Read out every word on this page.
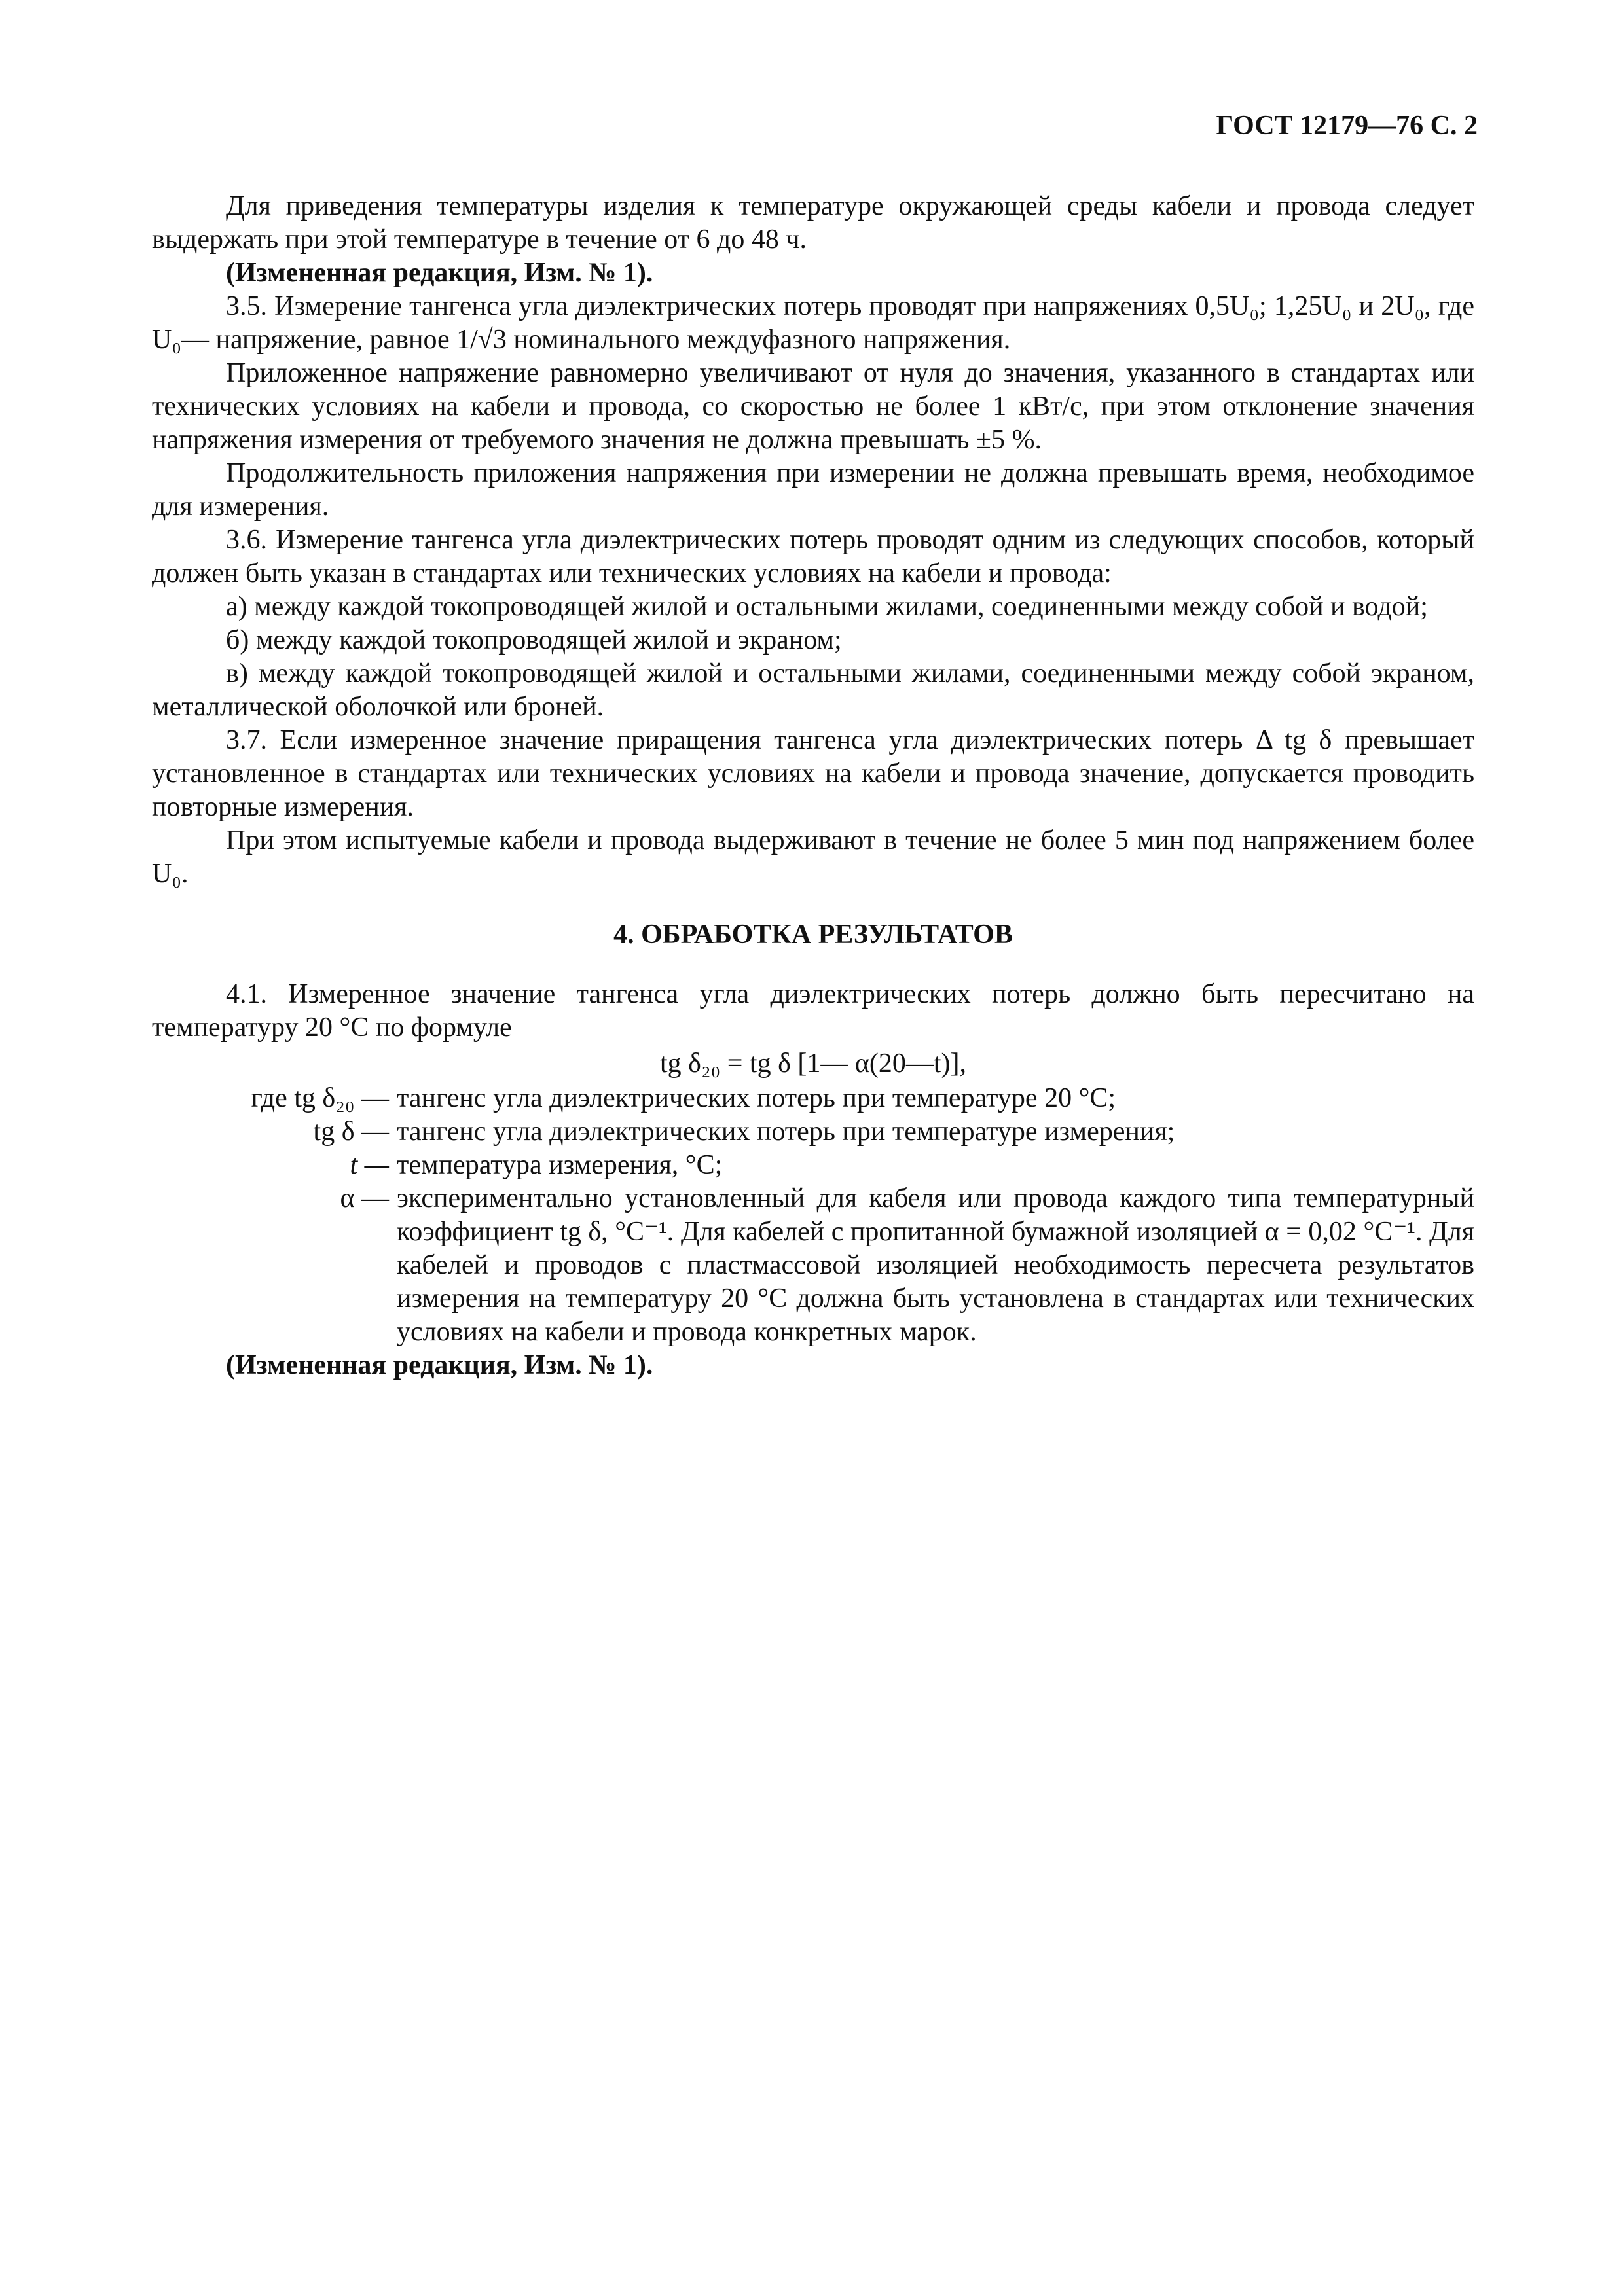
ГОСТ 12179—76 С. 2

Для приведения температуры изделия к температуре окружающей среды кабели и провода следует выдержать при этой температуре в течение от 6 до 48 ч.

(Измененная редакция, Изм. № 1).

3.5. Измерение тангенса угла диэлектрических потерь проводят при напряжениях 0,5U₀; 1,25U₀ и 2U₀, где U₀— напряжение, равное 1/√3 номинального междуфазного напряжения.

Приложенное напряжение равномерно увеличивают от нуля до значения, указанного в стандартах или технических условиях на кабели и провода, со скоростью не более 1 кВт/с, при этом отклонение значения напряжения измерения от требуемого значения не должна превышать ±5 %.

Продолжительность приложения напряжения при измерении не должна превышать время, необходимое для измерения.

3.6. Измерение тангенса угла диэлектрических потерь проводят одним из следующих способов, который должен быть указан в стандартах или технических условиях на кабели и провода:

а) между каждой токопроводящей жилой и остальными жилами, соединенными между собой и водой;

б) между каждой токопроводящей жилой и экраном;

в) между каждой токопроводящей жилой и остальными жилами, соединенными между собой экраном, металлической оболочкой или броней.

3.7. Если измеренное значение приращения тангенса угла диэлектрических потерь Δ tg δ превышает установленное в стандартах или технических условиях на кабели и провода значение, допускается проводить повторные измерения.

При этом испытуемые кабели и провода выдерживают в течение не более 5 мин под напряжением более U₀.

4. ОБРАБОТКА РЕЗУЛЬТАТОВ

4.1. Измеренное значение тангенса угла диэлектрических потерь должно быть пересчитано на температуру 20 °С по формуле

tg δ₂₀ = tg δ [1— α(20—t)],

где tg δ₂₀ — тангенс угла диэлектрических потерь при температуре 20 °С;
tg δ — тангенс угла диэлектрических потерь при температуре измерения;
t — температура измерения, °С;
α — экспериментально установленный для кабеля или провода каждого типа температурный коэффициент tg δ, °С⁻¹. Для кабелей с пропитанной бумажной изоляцией α = 0,02 °С⁻¹. Для кабелей и проводов с пластмассовой изоляцией необходимость пересчета результатов измерения на температуру 20 °С должна быть установлена в стандартах или технических условиях на кабели и провода конкретных марок.

(Измененная редакция, Изм. № 1).
